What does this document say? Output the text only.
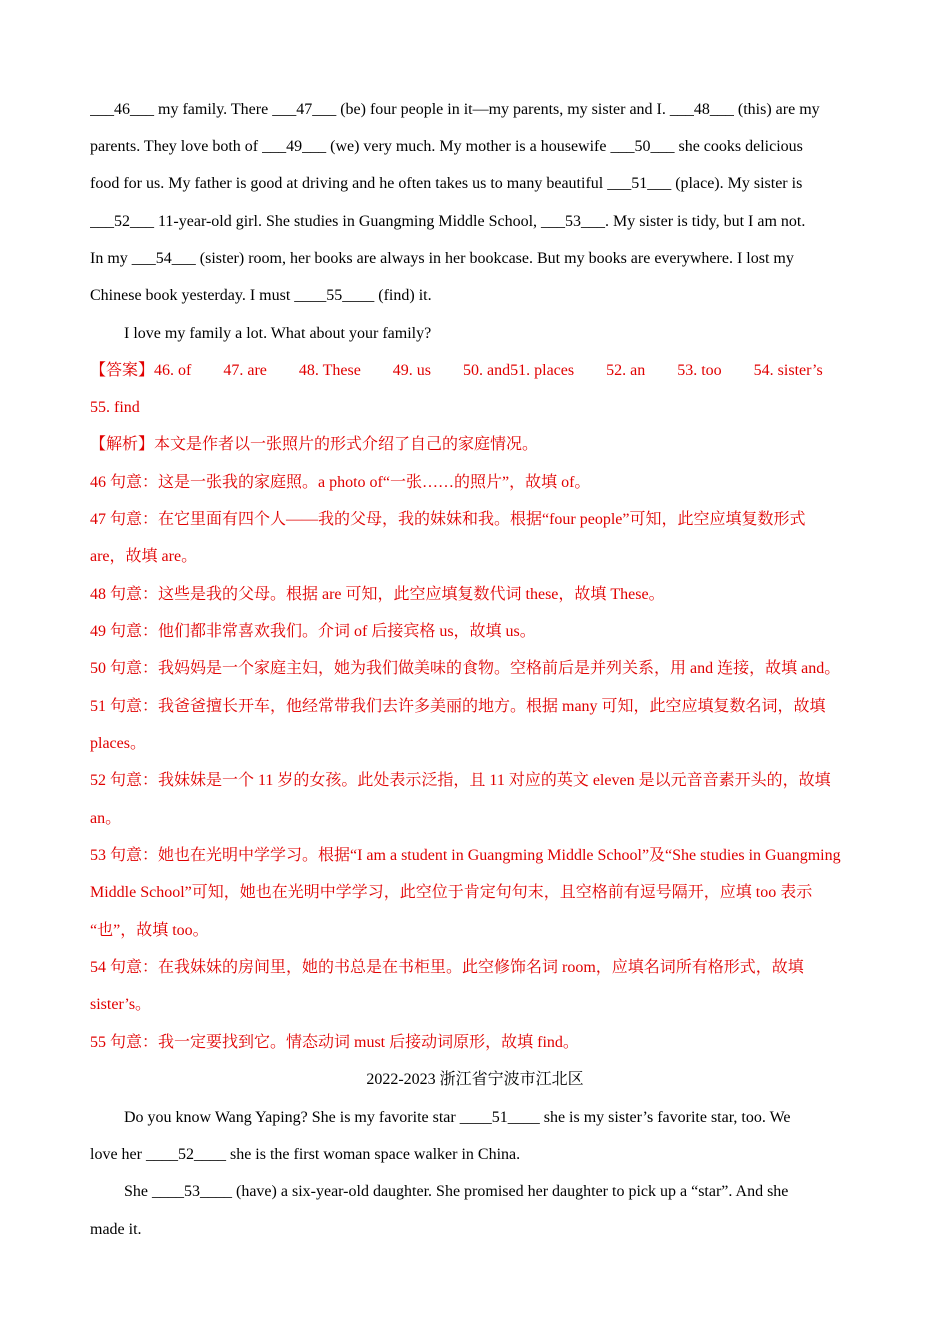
___46___ my family. There ___47___ (be) four people in it—my parents, my sister and I. ___48___ (this) are my
parents. They love both of ___49___ (we) very much. My mother is a housewife ___50___ she cooks delicious
food for us. My father is good at driving and he often takes us to many beautiful ___51___ (place). My sister is
___52___ 11-year-old girl. She studies in Guangming Middle School, ___53___. My sister is tidy, but I am not.
In my ___54___ (sister) room, her books are always in her bookcase. But my books are everywhere. I lost my
Chinese book yesterday. I must ____55____ (find) it.
I love my family a lot. What about your family?
【答案】46. of 47. are 48. These 49. us 50. and51. places 52. an 53. too 54. sister’s
55. find
【解析】本文是作者以一张照片的形式介绍了自己的家庭情况。
46 句意：这是一张我的家庭照。a photo of“一张……的照片”，故填 of。
47 句意：在它里面有四个人——我的父母，我的妹妹和我。根据“four people”可知，此空应填复数形式
are，故填 are。
48 句意：这些是我的父母。根据 are 可知，此空应填复数代词 these，故填 These。
49 句意：他们都非常喜欢我们。介词 of 后接宾格 us，故填 us。
50 句意：我妈妈是一个家庭主妇，她为我们做美味的食物。空格前后是并列关系，用 and 连接，故填 and。
51 句意：我爸爸擅长开车，他经常带我们去许多美丽的地方。根据 many 可知，此空应填复数名词，故填
places。
52 句意：我妹妹是一个 11 岁的女孩。此处表示泛指，且 11 对应的英文 eleven 是以元音音素开头的，故填
an。
53 句意：她也在光明中学学习。根据“I am a student in Guangming Middle School”及“She studies in Guangming
Middle School”可知，她也在光明中学学习，此空位于肯定句句末，且空格前有逗号隔开，应填 too 表示
“也”，故填 too。
54 句意：在我妹妹的房间里，她的书总是在书柜里。此空修饰名词 room，应填名词所有格形式，故填
sister’s。
55 句意：我一定要找到它。情态动词 must 后接动词原形，故填 find。
2022-2023 浙江省宁波市江北区
Do you know Wang Yaping? She is my favorite star ____51____ she is my sister’s favorite star, too. We
love her ____52____ she is the first woman space walker in China.
She ____53____ (have) a six-year-old daughter. She promised her daughter to pick up a “star”. And she
made it.
